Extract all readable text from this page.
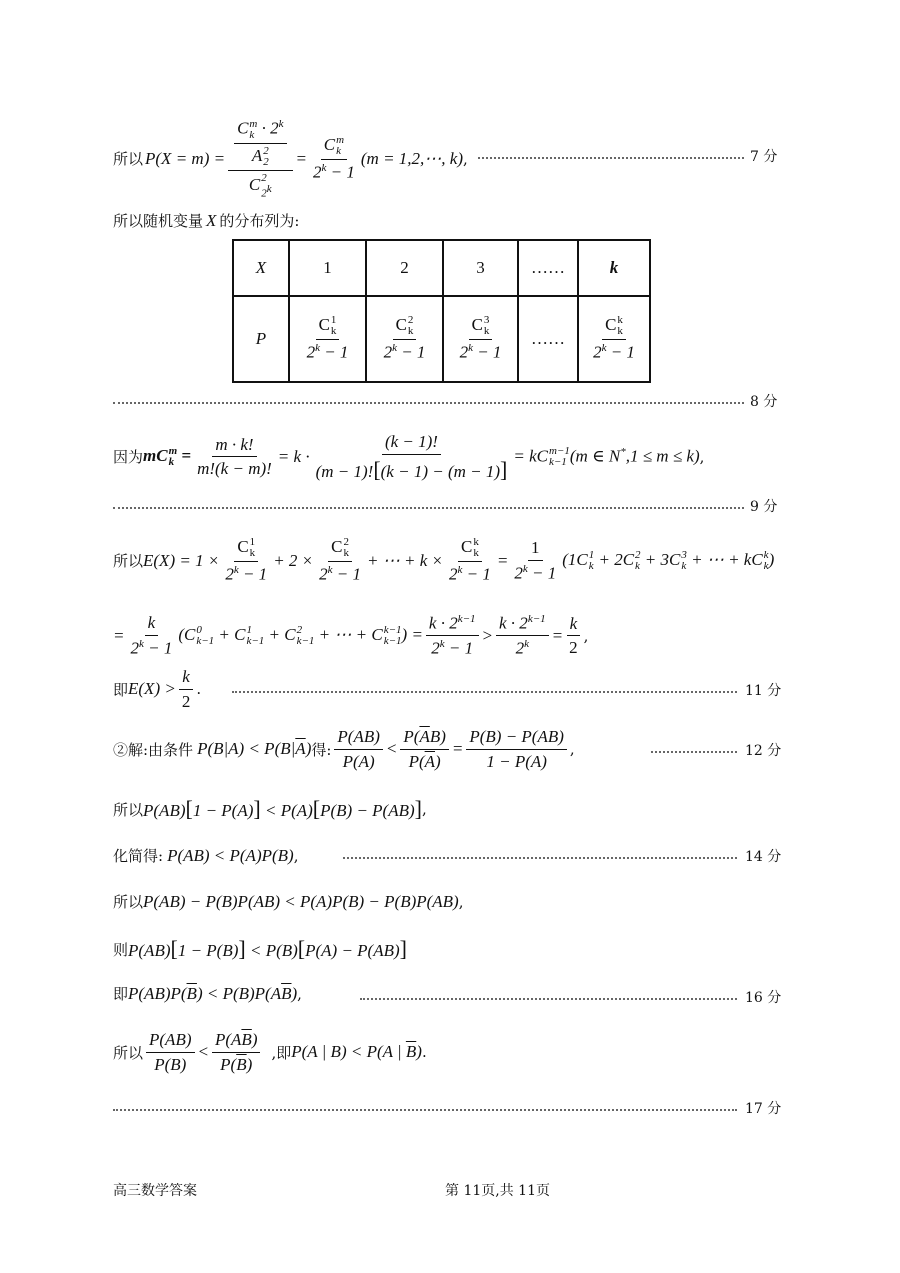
所以 P(X = m) = C m
$k \cdot 2^k$
A 2
2
C 2
$2^k = C$ m
k
$2^k - 1$ (m = 1,2,⋯, k) ,	7 分
所以随机变量 X 的分布列为:
X	1	2	3	……	k
P	C 1
k
$2^k - 1$	C 2
k
$2^k - 1$	C 3
k
$2^k - 1$	……	C k
k
$2^k - 1$
8 分
因为 mC m
$k = \frac{m \cdot k!}{m!(k - m)!} = k \cdot \frac{(k - 1)!}{(m - 1)![(k - 1) - (m - 1)]}$ = kC m−1
k−1 (m ∈ N*,1 ≤ m ≤ k) ,
9 分
所以 E(X) = 1 × C 1
k
$2^k - 1 + 2 \times C$ 2
k
$2^k - 1$ + ⋯ + k × C k
k
$2^k - 1 = \frac{1}{2^k - 1} (1C$ 1
k + 2C 2
k + 3C 3
k + ⋯ + kC k
k )
= $\frac{k}{2^k - 1} (C$ 0
k−1 + C 1
k−1 + C 2
k−1 + ⋯ + C k−1
k−1 ) = $\frac{k \cdot 2^{k-1}}{2^k - 1} > \frac{k \cdot 2^{k-1}}{2^k} = \frac{k}{2}$ ,
即 $E(X) > \frac{k}{2}$ .	11 分
②解:由条件 $P(B|A) < P(B|\overline{A})$ 得: $\frac{P(AB)}{P(A)} < \frac{P(\overline{A}B)}{P(\overline{A})} = \frac{P(B) - P(AB)}{1 - P(A)}$ ,	12 分
所以 P(AB)[1 − P(A)] < P(A)[P(B) − P(AB)] ,
化简得: P(AB) < P(A)P(B) ,	14 分
所以 P(AB) − P(B)P(AB) < P(A)P(B) − P(B)P(AB) ,
则 P(AB)[1 − P(B)] < P(B)[P(A) − P(AB)]
即 $P(AB)P(\overline{B}) < P(B)P(A\overline{B})$ ,	16 分
所以 $\frac{P(AB)}{P(B)} < \frac{P(A\overline{B})}{P(\overline{B})}$ ,即 P(A | B) < P(A | $\overline{B}$) .
17 分
高三数学答案	第 11页,共 11页
